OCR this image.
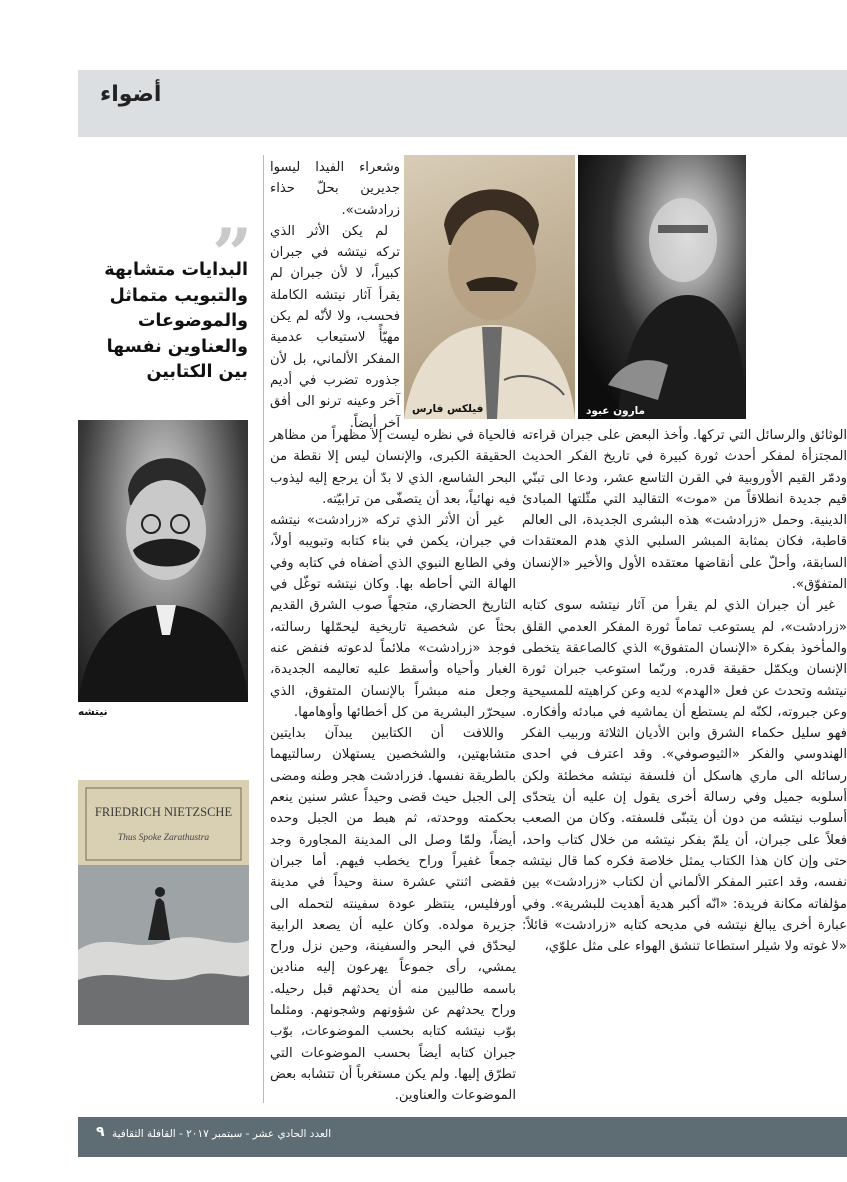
أضواء
مارون عبود
فيلكس فارس
نيتشه
FRIEDRICH NIETZSCHE
Thus Spoke Zarathustra
”
البدايات متشابهة والتبويب متماثل والموضوعات والعناوين نفسها بين الكتابين

الوثائق والرسائل التي تركها. وأخذ البعض على جبران قراءته المجتزأة لمفكر أحدث ثورة كبيرة في تاريخ الفكر الحديث ودمّر القيم الأوروبية في القرن التاسع عشر، ودعا الى تبنّي قيم جديدة انطلاقاً من «موت» التقاليد التي مثّلتها المبادئ الدينية. وحمل «زرادشت» هذه البشرى الجديدة، الى العالم قاطبة، فكان بمثابة المبشر السلبي الذي هدم المعتقدات السابقة، وأحلّ على أنقاضها معتقده الأول والأخير «الإنسان المتفوّق».

غير أن جبران الذي لم يقرأ من آثار نيتشه سوى كتابه «زرادشت»، لم يستوعب تماماً ثورة المفكر العدمي القلق والمأخوذ بفكرة «الإنسان المتفوق» الذي كالصاعقة يتخطى الإنسان ويكمّل حقيقة قدره. وربّما استوعب جبران ثورة نيتشه وتحدث عن فعل «الهدم» لديه وعن كراهيته للمسيحية وعن جبروته، لكنّه لم يستطع أن يماشيه في مبادئه وأفكاره. فهو سليل حكماء الشرق وابن الأديان الثلاثة وربيب الفكر الهندوسي والفكر «الثيوصوفي». وقد اعترف في احدى رسائله الى ماري هاسكل أن فلسفة نيتشه مخطئة ولكن أسلوبه جميل وفي رسالة أخرى يقول إن عليه أن يتحدّى أسلوب نيتشه من دون أن يتبنّى فلسفته. وكان من الصعب فعلاً على جبران، أن يلمّ بفكر نيتشه من خلال كتاب واحد، حتى وإن كان هذا الكتاب يمثل خلاصة فكره كما قال نيتشه نفسه، وقد اعتبر المفكر الألماني أن لكتاب «زرادشت» بين مؤلفاته مكانة فريدة: «انّه أكبر هدية أهديت للبشرية». وفي عبارة أخرى يبالغ نيتشه في مديحه كتابه «زرادشت» قائلاً: «لا غوته ولا شيلر استطاعا تنشق الهواء على مثل علوّي،

وشعراء الفيدا ليسوا جديرين بحلّ حذاء زرادشت».

لم يكن الأثر الذي تركه نيتشه في جبران كبيراً، لا لأن جبران لم يقرأ آثار نيتشه الكاملة فحسب، ولا لأنّه لم يكن مهيّأً لاستيعاب عدمية المفكر الألماني، بل لأن جذوره تضرب في أديم آخر وعينه ترنو الى أفق آخر أيضاً.

فالحياة في نظره ليست إلا مظهراً من مظاهر الحقيقة الكبرى، والإنسان ليس إلا نقطة من البحر الشاسع، الذي لا بدّ أن يرجع إليه ليذوب فيه نهائياً، بعد أن يتصفّى من ترابيّته.

غير أن الأثر الذي تركه «زرادشت» نيتشه في جبران، يكمن في بناء كتابه وتبويبه أولاً، وفي الطابع النبوي الذي أضفاه في كتابه وفي الهالة التي أحاطه بها. وكان نيتشه توغّل في التاريخ الحضاري، متجهاً صوب الشرق القديم بحثاً عن شخصية تاريخية ليحمّلها رسالته، فوجد «زرادشت» ملائماً لدعوته فنفض عنه الغبار وأحياه وأسقط عليه تعاليمه الجديدة، وجعل منه مبشراً بالإنسان المتفوق، الذي سيحرّر البشرية من كل أخطائها وأوهامها.

واللافت أن الكتابين يبدآن بدايتين متشابهتين، والشخصين يستهلان رسالتيهما بالطريقة نفسها. فزرادشت هجر وطنه ومضى إلى الجبل حيث قضى وحيداً عشر سنين ينعم بحكمته ووحدته، ثم هبط من الجبل وحده أيضاً، ولمّا وصل الى المدينة المجاورة وجد جمعاً غفيراً وراح يخطب فيهم. أما جبران فقضى اثنتي عشرة سنة وحيداً في مدينة أورفليس، ينتظر عودة سفينته لتحمله الى جزيرة مولده. وكان عليه أن يصعد الرابية ليحدّق في البحر والسفينة، وحين نزل وراح يمشي، رأى جموعاً يهرعون إليه منادين باسمه طالبين منه أن يحدثهم قبل رحيله. وراح يحدثهم عن شؤونهم وشجونهم. ومثلما بوّب نيتشه كتابه بحسب الموضوعات، بوّب جبران كتابه أيضاً بحسب الموضوعات التي تطرّق إليها. ولم يكن مستغرباً أن تتشابه بعض الموضوعات والعناوين.

٩ العدد الحادي عشر - سبتمبر ٢٠١٧ - القافلة الثقافية
